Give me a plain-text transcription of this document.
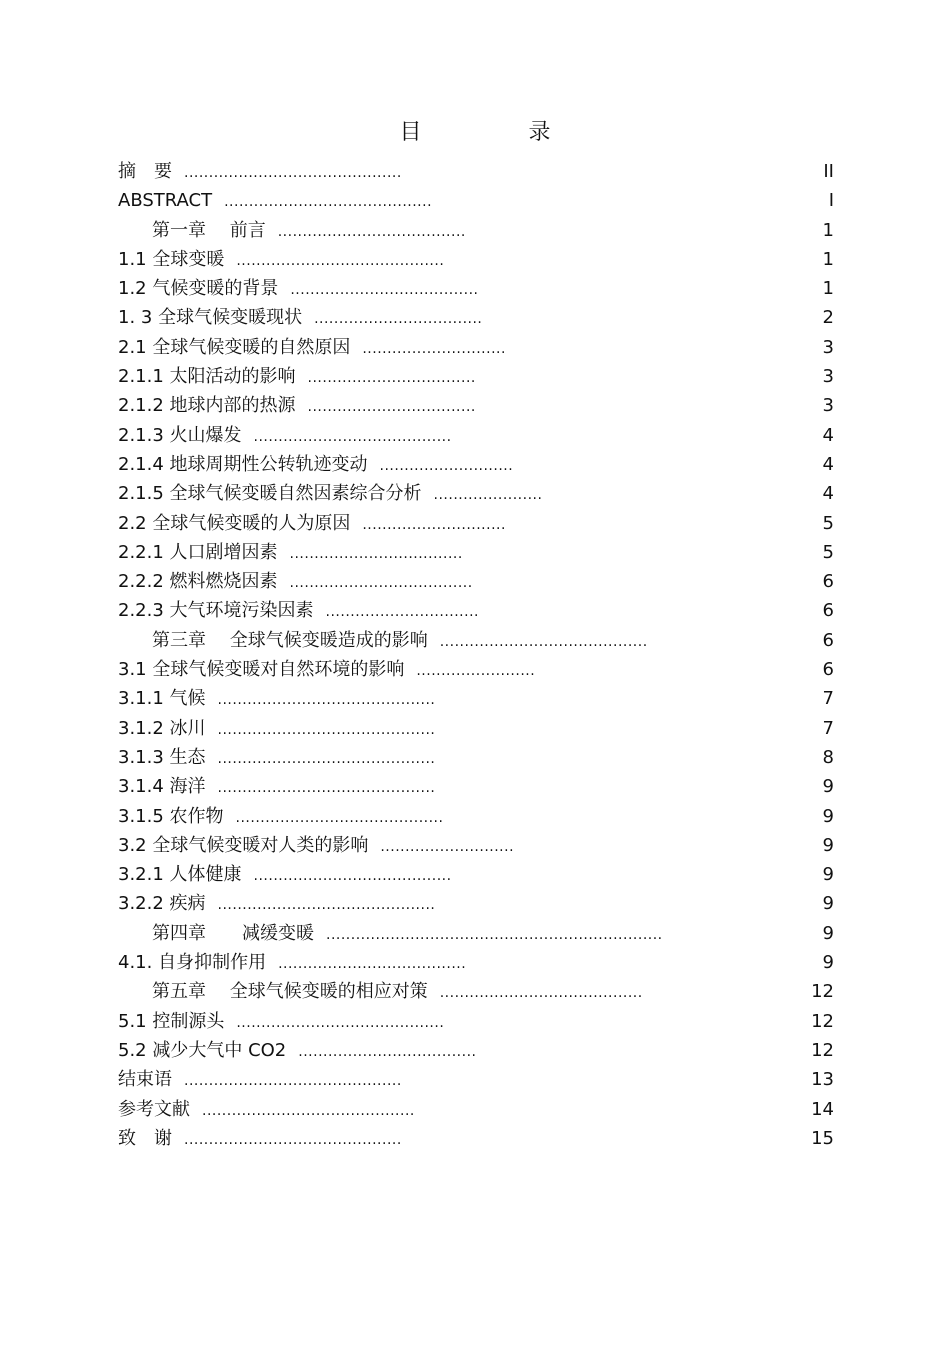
目 录
摘　要 ............................................	II
ABSTRACT ..........................................	I
第一章　 前言 ......................................	1
1.1 全球变暖 ..........................................	1
1.2 气候变暖的背景 ......................................	1
1. 3 全球气候变暖现状 ..................................	2
2.1 全球气候变暖的自然原因 .............................	3
2.1.1 太阳活动的影响 ..................................	3
2.1.2 地球内部的热源 ..................................	3
2.1.3 火山爆发 ........................................	4
2.1.4 地球周期性公转轨迹变动 ...........................	4
2.1.5 全球气候变暖自然因素综合分析 ......................	4
2.2 全球气候变暖的人为原因 .............................	5
2.2.1 人口剧增因素 ...................................	5
2.2.2 燃料燃烧因素 .....................................	6
2.2.3 大气环境污染因素 ...............................	6
第三章　 全球气候变暖造成的影响 ..........................................	6
3.1 全球气候变暖对自然环境的影响 ........................	6
3.1.1 气候 ............................................	7
3.1.2 冰川 ............................................	7
3.1.3 生态 ............................................	8
3.1.4 海洋 ............................................	9
3.1.5 农作物 ..........................................	9
3.2 全球气候变暖对人类的影响 ...........................	9
3.2.1 人体健康 ........................................	9
3.2.2 疾病 ............................................	9
第四章　　减缓变暖 ....................................................................	9
4.1. 自身抑制作用 ......................................	9
第五章　 全球气候变暖的相应对策 .........................................	12
5.1 控制源头 ..........................................	12
5.2 减少大气中 CO2 ....................................	12
结束语 ............................................	13
参考文献 ...........................................	14
致　谢 ............................................	15
